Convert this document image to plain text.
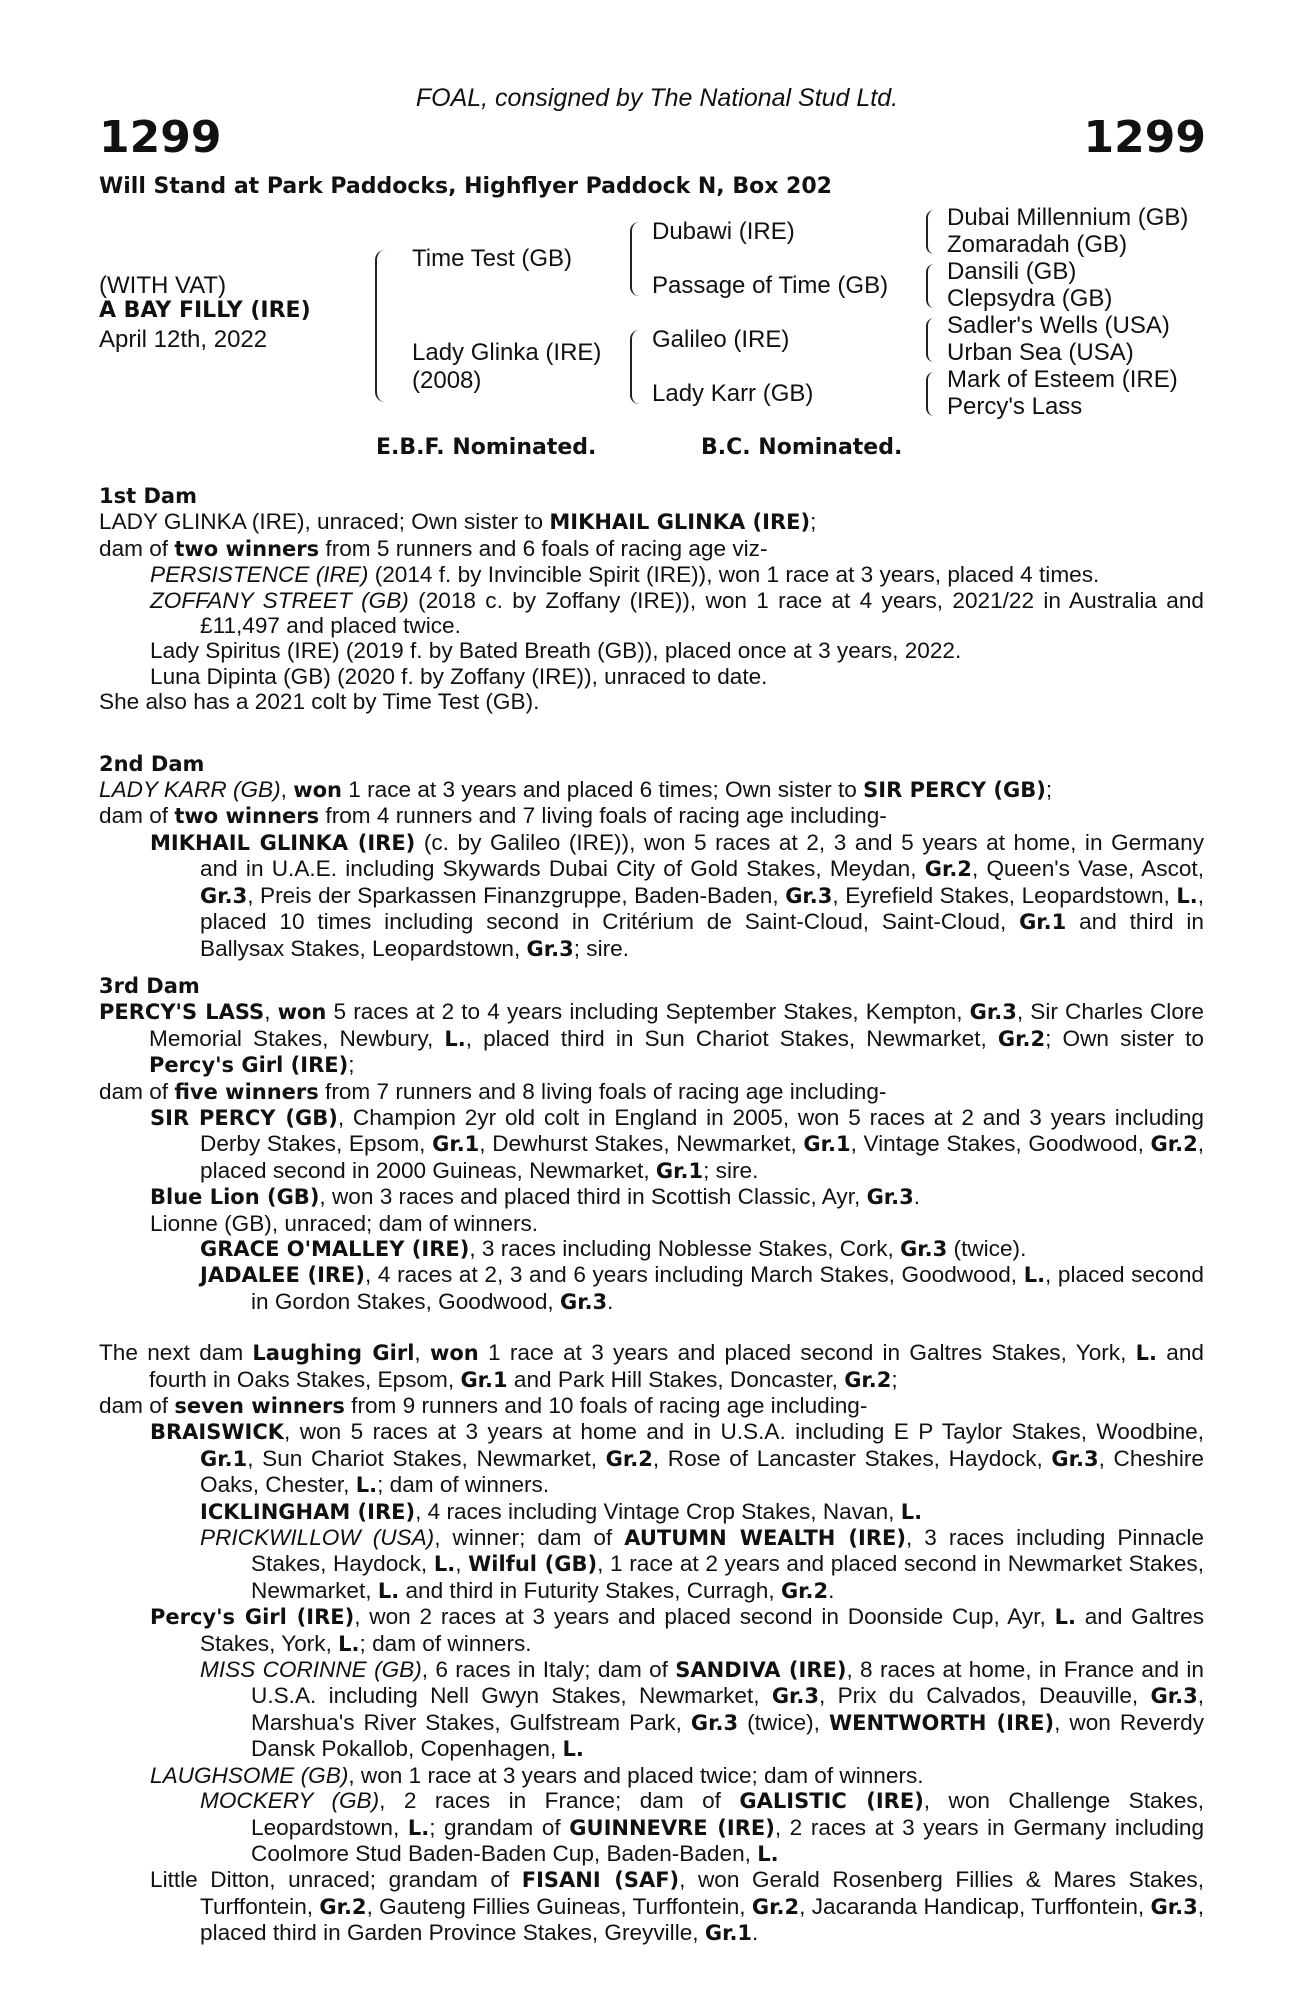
FOAL, consigned by The National Stud Ltd.
1299	1299
Will Stand at Park Paddocks, Highflyer Paddock N, Box 202
(WITH VAT)
A BAY FILLY (IRE)
April 12th, 2022
Time Test (GB)
Lady Glinka (IRE)
(2008)
Dubawi (IRE)
Passage of Time (GB)
Galileo (IRE)
Lady Karr (GB)
Dubai Millennium (GB)
Zomaradah (GB)
Dansili (GB)
Clepsydra (GB)
Sadler's Wells (USA)
Urban Sea (USA)
Mark of Esteem (IRE)
Percy's Lass
E.B.F. Nominated.	B.C. Nominated.
1st Dam
LADY GLINKA (IRE), unraced; Own sister to MIKHAIL GLINKA (IRE);
dam of two winners from 5 runners and 6 foals of racing age viz-
PERSISTENCE (IRE) (2014 f. by Invincible Spirit (IRE)), won 1 race at 3 years, placed 4 times.
ZOFFANY STREET (GB) (2018 c. by Zoffany (IRE)), won 1 race at 4 years, 2021/22 in Australia and £11,497 and placed twice.
Lady Spiritus (IRE) (2019 f. by Bated Breath (GB)), placed once at 3 years, 2022.
Luna Dipinta (GB) (2020 f. by Zoffany (IRE)), unraced to date.
She also has a 2021 colt by Time Test (GB).
2nd Dam
LADY KARR (GB), won 1 race at 3 years and placed 6 times; Own sister to SIR PERCY (GB);
dam of two winners from 4 runners and 7 living foals of racing age including-
MIKHAIL GLINKA (IRE) (c. by Galileo (IRE)), won 5 races at 2, 3 and 5 years at home, in Germany and in U.A.E. including Skywards Dubai City of Gold Stakes, Meydan, Gr.2, Queen's Vase, Ascot, Gr.3, Preis der Sparkassen Finanzgruppe, Baden-Baden, Gr.3, Eyrefield Stakes, Leopardstown, L., placed 10 times including second in Critérium de Saint-Cloud, Saint-Cloud, Gr.1 and third in Ballysax Stakes, Leopardstown, Gr.3; sire.
3rd Dam
PERCY'S LASS, won 5 races at 2 to 4 years including September Stakes, Kempton, Gr.3, Sir Charles Clore Memorial Stakes, Newbury, L., placed third in Sun Chariot Stakes, Newmarket, Gr.2; Own sister to Percy's Girl (IRE);
dam of five winners from 7 runners and 8 living foals of racing age including-
SIR PERCY (GB), Champion 2yr old colt in England in 2005, won 5 races at 2 and 3 years including Derby Stakes, Epsom, Gr.1, Dewhurst Stakes, Newmarket, Gr.1, Vintage Stakes, Goodwood, Gr.2, placed second in 2000 Guineas, Newmarket, Gr.1; sire.
Blue Lion (GB), won 3 races and placed third in Scottish Classic, Ayr, Gr.3.
Lionne (GB), unraced; dam of winners.
GRACE O'MALLEY (IRE), 3 races including Noblesse Stakes, Cork, Gr.3 (twice).
JADALEE (IRE), 4 races at 2, 3 and 6 years including March Stakes, Goodwood, L., placed second in Gordon Stakes, Goodwood, Gr.3.
The next dam Laughing Girl, won 1 race at 3 years and placed second in Galtres Stakes, York, L. and fourth in Oaks Stakes, Epsom, Gr.1 and Park Hill Stakes, Doncaster, Gr.2;
dam of seven winners from 9 runners and 10 foals of racing age including-
BRAISWICK, won 5 races at 3 years at home and in U.S.A. including E P Taylor Stakes, Woodbine, Gr.1, Sun Chariot Stakes, Newmarket, Gr.2, Rose of Lancaster Stakes, Haydock, Gr.3, Cheshire Oaks, Chester, L.; dam of winners.
ICKLINGHAM (IRE), 4 races including Vintage Crop Stakes, Navan, L.
PRICKWILLOW (USA), winner; dam of AUTUMN WEALTH (IRE), 3 races including Pinnacle Stakes, Haydock, L., Wilful (GB), 1 race at 2 years and placed second in Newmarket Stakes, Newmarket, L. and third in Futurity Stakes, Curragh, Gr.2.
Percy's Girl (IRE), won 2 races at 3 years and placed second in Doonside Cup, Ayr, L. and Galtres Stakes, York, L.; dam of winners.
MISS CORINNE (GB), 6 races in Italy; dam of SANDIVA (IRE), 8 races at home, in France and in U.S.A. including Nell Gwyn Stakes, Newmarket, Gr.3, Prix du Calvados, Deauville, Gr.3, Marshua's River Stakes, Gulfstream Park, Gr.3 (twice), WENTWORTH (IRE), won Reverdy Dansk Pokallob, Copenhagen, L.
LAUGHSOME (GB), won 1 race at 3 years and placed twice; dam of winners.
MOCKERY (GB), 2 races in France; dam of GALISTIC (IRE), won Challenge Stakes, Leopardstown, L.; grandam of GUINNEVRE (IRE), 2 races at 3 years in Germany including Coolmore Stud Baden-Baden Cup, Baden-Baden, L.
Little Ditton, unraced; grandam of FISANI (SAF), won Gerald Rosenberg Fillies & Mares Stakes, Turffontein, Gr.2, Gauteng Fillies Guineas, Turffontein, Gr.2, Jacaranda Handicap, Turffontein, Gr.3, placed third in Garden Province Stakes, Greyville, Gr.1.
